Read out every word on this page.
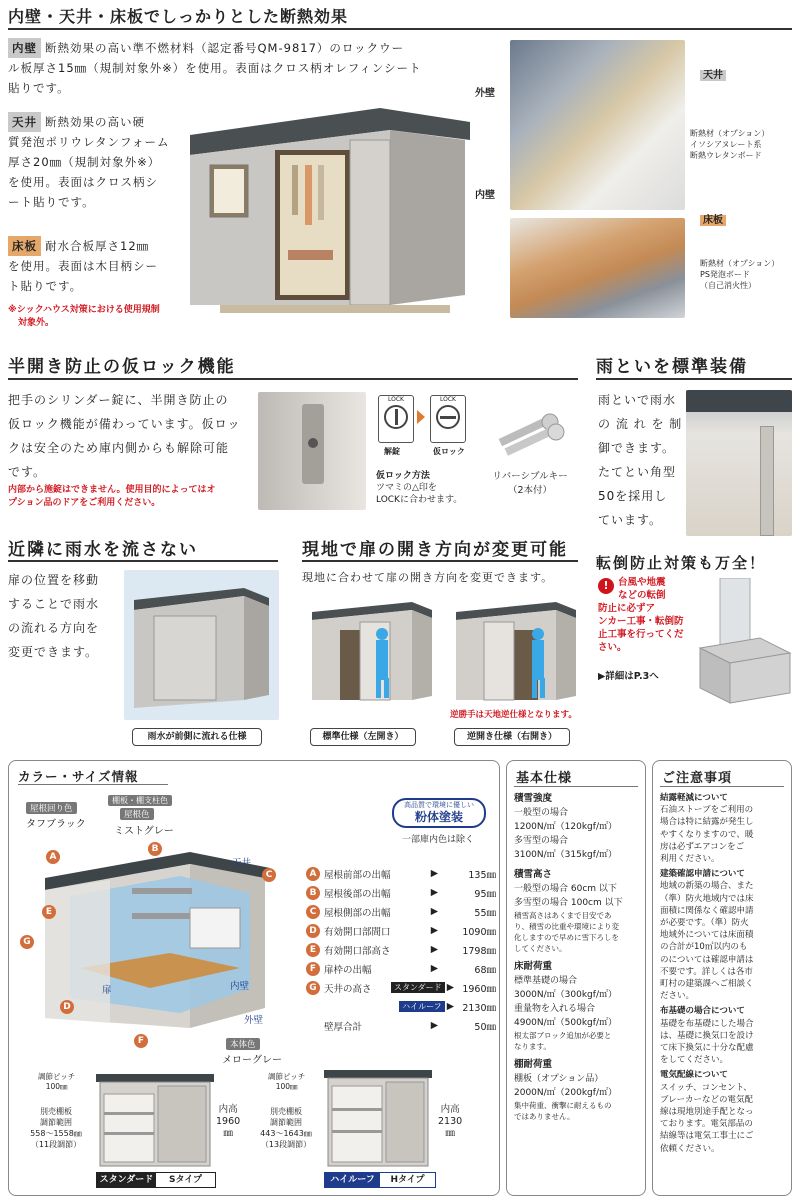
内壁・天井・床板でしっかりとした断熱効果
内壁 断熱効果の高い準不燃材料（認定番号QM-9817）のロックウー
ル板厚さ15㎜（規制対象外※）を使用。表面はクロス柄オレフィンシート
貼りです。
天井 断熱効果の高い硬
質発泡ポリウレタンフォーム
厚さ20㎜（規制対象外※）
を使用。表面はクロス柄シ
ート貼りです。
床板 耐水合板厚さ12㎜
を使用。表面は木目柄シー
ト貼りです。
※シックハウス対策における使用規制
対象外。
外壁
内壁
天井
断熱材（オプション）
イソシアヌレート系
断熱ウレタンボード
床板
断熱材（オプション）
PS発泡ボード
（自己消火性）
半開き防止の仮ロック機能
把手のシリンダー錠に、半開き防止の
仮ロック機能が備わっています。仮ロッ
クは安全のため庫内側からも解除可能
です。
内部から施錠はできません。使用目的によってはオ
プション品のドアをご利用ください。
LOCK	LOCK
解錠	仮ロック
仮ロック方法
ツマミの△印を
LOCKに合わせます。
リバーシブルキー
（2本付）
雨といを標準装備
雨といで雨水
の 流 れ を 制
御できます。
たてとい角型
50を採用し
ています。
転倒防止対策も万全！
! 台風や地震
などの転倒
防止に必ずア
ンカー工事・転倒防
止工事を行ってくだ
さい。
▶詳細はP.3へ
近隣に雨水を流さない
扉の位置を移動
することで雨水
の流れる方向を
変更できます。
雨水が前側に流れる仕様
現地で扉の開き方向が変更可能
現地に合わせて扉の開き方向を変更できます。
逆勝手は天地逆仕様となります。
標準仕様（左開き）	逆開き仕様（右開き）
カラー・サイズ情報
屋根回り色
タフブラック
棚板・棚支柱色
屋根色
ミストグレー
高品質で環境に優しい
粉体塗装
一部庫内色は除く
天井
内壁
外壁
扉
A
B
C
D
E
F
G
本体色
メローグレー
A 屋根前部の出幅	▶	135㎜
B 屋根後部の出幅	▶	95㎜
C 屋根側部の出幅	▶	55㎜
D 有効開口部間口	▶	1090㎜
E 有効開口部高さ	▶	1798㎜
F 扉枠の出幅	▶	68㎜
G 天井の高さ	スタンダード ▶ 1960㎜
ハイルーフ ▶ 2130㎜
壁厚合計	▶	50㎜
調節ピッチ
100㎜
別売棚板
調節範囲
558～1558㎜
（11段調節）
内高
1960
㎜
スタンダード	Sタイプ
調節ピッチ
100㎜
別売棚板
調節範囲
443～1643㎜
（13段調節）
内高
2130
㎜
ハイルーフ	Hタイプ
基本仕様
積雪強度
一般型の場合
1200N/㎡（120kgf/㎡）
多雪型の場合
3100N/㎡（315kgf/㎡）
積雪高さ
一般型の場合 60cm 以下
多雪型の場合 100cm 以下
積雪高さはあくまで目安であ
り、積雪の比重や環境により変
化しますので早めに雪下ろしを
してください。
床耐荷重
標準基礎の場合
3000N/㎡（300kgf/㎡）
重量物を入れる場合
4900N/㎡（500kgf/㎡）
根太部ブロック追加が必要と
なります。
棚耐荷重
棚板（オプション品）
2000N/㎡（200kgf/㎡）
集中荷重、衝撃に耐えるもの
ではありません。
ご注意事項
結露軽減について
石油ストーブをご利用の
場合は特に結露が発生し
やすくなりますので、暖
房は必ずエアコンをご
利用ください。
建築確認申請について
地域の新築の場合、また
（準）防火地域内では床
面積に関係なく確認申請
が必要です。（準）防火
地域外については床面積
の合計が10㎡以内のも
のについては確認申請は
不要です。詳しくは各市
町村の建築課へご相談く
ださい。
布基礎の場合について
基礎を布基礎にした場合
は、基礎に換気口を設け
て床下換気に十分な配慮
をしてください。
電気配線について
スイッチ、コンセント、
ブレーカーなどの電気配
線は現地別途手配となっ
ております。電気部品の
結線等は電気工事士にご
依頼ください。
